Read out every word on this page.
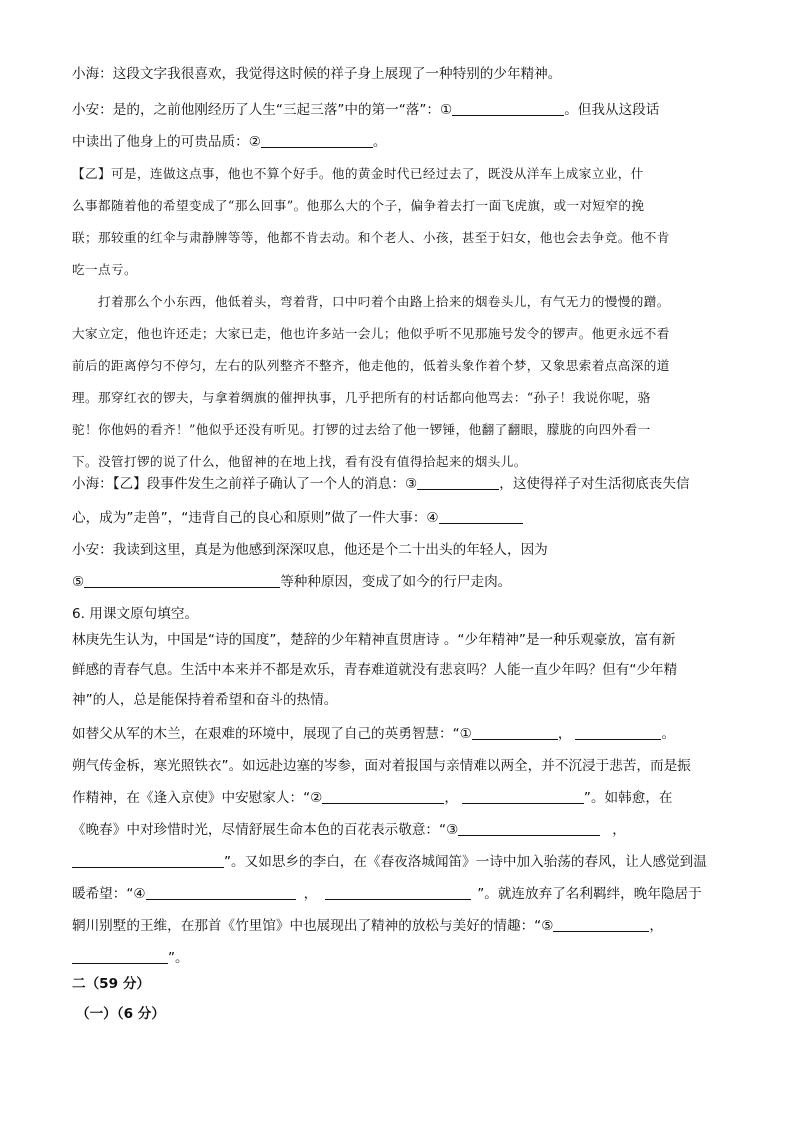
小海：这段文字我很喜欢，我觉得这时候的祥子身上展现了一种特别的少年精神。

小安：是的，之前他刚经历了人生“三起三落”中的第一“落”：①	。但我从这段话

中读出了他身上的可贵品质：②	。

【乙】可是，连做这点事，他也不算个好手。他的黄金时代已经过去了，既没从洋车上成家立业，什

么事都随着他的希望变成了“那么回事”。他那么大的个子，偏争着去打一面飞虎旗，或一对短窄的挽

联；那较重的红伞与肃静牌等等，他都不肯去动。和个老人、小孩，甚至于妇女，他也会去争竞。他不肯

吃一点亏。

打着那么个小东西，他低着头，弯着背，口中叼着个由路上拾来的烟卷头儿，有气无力的慢慢的蹭。

大家立定，他也许还走；大家已走，他也许多站一会儿；他似乎听不见那施号发令的锣声。他更永远不看

前后的距离停匀不停匀，左右的队列整齐不整齐，他走他的，低着头象作着个梦，又象思索着点高深的道

理。那穿红衣的锣夫，与拿着绸旗的催押执事，几乎把所有的村话都向他骂去：“孙子！我说你呢，骆

驼！你他妈的看齐！”他似乎还没有听见。打锣的过去给了他一锣锤，他翻了翻眼，朦胧的向四外看一

下。没管打锣的说了什么，他留神的在地上找，看有没有值得拾起来的烟头儿。

小海：【乙】段事件发生之前祥子确认了一个人的消息：③	，这使得祥子对生活彻底丧失信

心，成为”走兽”，“违背自己的良心和原则”做了一件大事：④

小安：我读到这里，真是为他感到深深叹息，他还是个二十出头的年轻人，因为

⑤	等种种原因，变成了如今的行尸走肉。

6. 用课文原句填空。

林庚先生认为，中国是“诗的国度”，楚辞的少年精神直贯唐诗 。“少年精神”是一种乐观豪放，富有新

鲜感的青春气息。生活中本来并不都是欢乐，青春难道就没有悲哀吗？人能一直少年吗？但有“少年精

神”的人，总是能保持着希望和奋斗的热情。

如替父从军的木兰，在艰难的环境中，展现了自己的英勇智慧：“①	，	。

朔气传金柝，寒光照铁衣”。如远赴边塞的岑参，面对着报国与亲情难以两全，并不沉浸于悲苦，而是振

作精神，在《逢入京使》中安慰家人：“②	，	”。如韩愈，在

《晚春》中对珍惜时光，尽情舒展生命本色的百花表示敬意：“③	，

”。又如思乡的李白，在《春夜洛城闻笛》一诗中加入骀荡的春风，让人感觉到温

暖希望：“④	，	”。就连放弃了名利羁绊，晚年隐居于

辋川别墅的王维，在那首《竹里馆》中也展现出了精神的放松与美好的情趣：“⑤	，

”。

二（59 分）

（一）（6 分）
